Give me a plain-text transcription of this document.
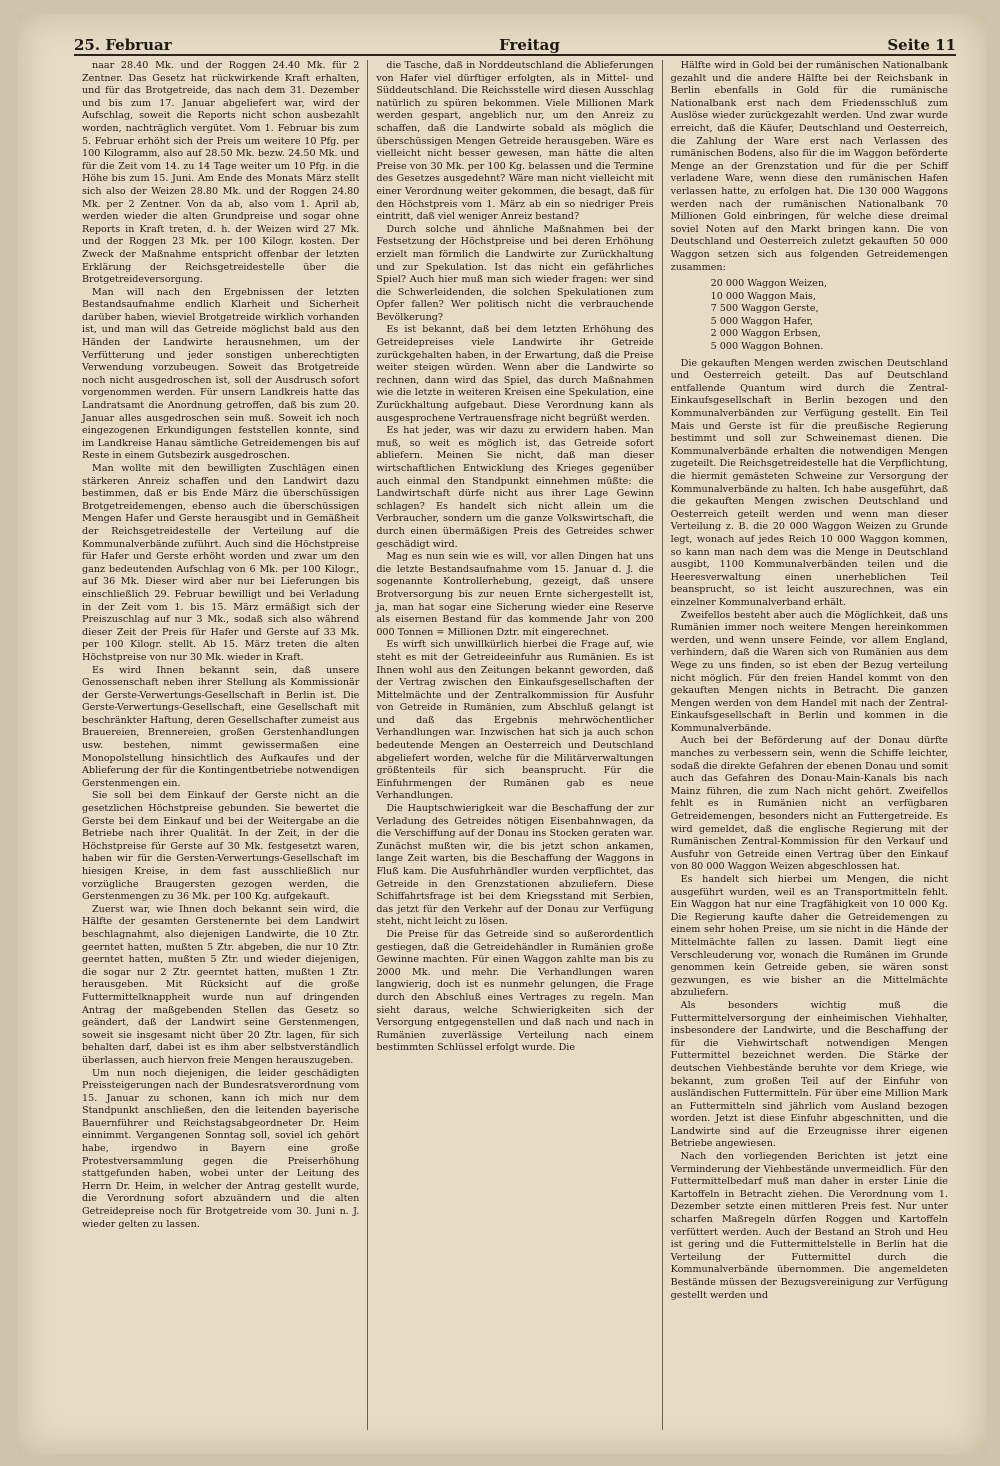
25. Februar	Freitag	Seite 11

naar 28.40 Mk. und der Roggen 24.40 Mk. für 2 Zentner. Das Gesetz hat rückwirkende Kraft erhalten, und für das Brotgetreide, das nach dem 31. Dezember und bis zum 17. Januar abgeliefert war, wird der Aufschlag, soweit die Reports nicht schon ausbezahlt worden, nachträglich vergütet. Vom 1. Februar bis zum 5. Februar erhöht sich der Preis um weitere 10 Pfg. per 100 Kilogramm, also auf 28.50 Mk. bezw. 24.50 Mk. und für die Zeit vom 14. zu 14 Tage weiter um 10 Pfg. in die Höhe bis zum 15. Juni. Am Ende des Monats März stellt sich also der Weizen 28.80 Mk. und der Roggen 24.80 Mk. per 2 Zentner. Von da ab, also vom 1. April ab, werden wieder die alten Grundpreise und sogar ohne Reports in Kraft treten, d. h. der Weizen wird 27 Mk. und der Roggen 23 Mk. per 100 Kilogr. kosten. Der Zweck der Maßnahme entspricht offenbar der letzten Erklärung der Reichsgetreidestelle über die Brotgetreideversorgung.

Man will nach den Ergebnissen der letzten Bestandsaufnahme endlich Klarheit und Sicherheit darüber haben, wieviel Brotgetreide wirklich vorhanden ist, und man will das Getreide möglichst bald aus den Händen der Landwirte herausnehmen, um der Verfütterung und jeder sonstigen unberechtigten Verwendung vorzubeugen. Soweit das Brotgetreide noch nicht ausgedroschen ist, soll der Ausdrusch sofort vorgenommen werden. Für unsern Landkreis hatte das Landratsamt die Anordnung getroffen, daß bis zum 20. Januar alles ausgedroschen sein muß. Soweit ich noch eingezogenen Erkundigungen feststellen konnte, sind im Landkreise Hanau sämtliche Getreidemengen bis auf Reste in einem Gutsbezirk ausgedroschen.

Man wollte mit den bewilligten Zuschlägen einen stärkeren Anreiz schaffen und den Landwirt dazu bestimmen, daß er bis Ende März die überschüssigen Brotgetreidemengen, ebenso auch die überschüssigen Mengen Hafer und Gerste herausgibt und in Gemäßheit der Reichsgetreidestelle der Verteilung auf die Kommunalverbände zuführt. Auch sind die Höchstpreise für Hafer und Gerste erhöht worden und zwar um den ganz bedeutenden Aufschlag von 6 Mk. per 100 Kilogr., auf 36 Mk. Dieser wird aber nur bei Lieferungen bis einschließlich 29. Februar bewilligt und bei Verladung in der Zeit vom 1. bis 15. März ermäßigt sich der Preiszuschlag auf nur 3 Mk., sodaß sich also während dieser Zeit der Preis für Hafer und Gerste auf 33 Mk. per 100 Kilogr. stellt. Ab 15. März treten die alten Höchstpreise von nur 30 Mk. wieder in Kraft.

Es wird Ihnen bekannt sein, daß unsere Genossenschaft neben ihrer Stellung als Kommissionär der Gerste-Verwertungs-Gesellschaft in Berlin ist. Die Gerste-Verwertungs-Gesellschaft, eine Gesellschaft mit beschränkter Haftung, deren Gesellschafter zumeist aus Brauereien, Brennereien, großen Gerstenhandlungen usw. bestehen, nimmt gewissermaßen eine Monopolstellung hinsichtlich des Aufkaufes und der Ablieferung der für die Kontingentbetriebe notwendigen Gerstenmengen ein.

Sie soll bei dem Einkauf der Gerste nicht an die gesetzlichen Höchstpreise gebunden. Sie bewertet die Gerste bei dem Einkauf und bei der Weitergabe an die Betriebe nach ihrer Qualität. In der Zeit, in der die Höchstpreise für Gerste auf 30 Mk. festgesetzt waren, haben wir für die Gersten-Verwertungs-Gesellschaft im hiesigen Kreise, in dem fast ausschließlich nur vorzügliche Braugersten gezogen werden, die Gerstenmengen zu 36 Mk. per 100 Kg. aufgekauft.

Zuerst war, wie Ihnen doch bekannt sein wird, die Hälfte der gesamten Gerstenernte bei dem Landwirt beschlagnahmt, also diejenigen Landwirte, die 10 Ztr. geerntet hatten, mußten 5 Ztr. abgeben, die nur 10 Ztr. geerntet hatten, mußten 5 Ztr. und wieder diejenigen, die sogar nur 2 Ztr. geerntet hatten, mußten 1 Ztr. herausgeben. Mit Rücksicht auf die große Futtermittelknappheit wurde nun auf dringenden Antrag der maßgebenden Stellen das Gesetz so geändert, daß der Landwirt seine Gerstenmengen, soweit sie insgesamt nicht über 20 Ztr. lagen, für sich behalten darf, dabei ist es ihm aber selbstverständlich überlassen, auch hiervon freie Mengen herauszugeben.

Um nun noch diejenigen, die leider geschädigten Preissteigerungen nach der Bundesratsverordnung vom 15. Januar zu schonen, kann ich mich nur dem Standpunkt anschließen, den die leitenden bayerische Bauernführer und Reichstagsabgeordneter Dr. Heim einnimmt. Vergangenen Sonntag soll, soviel ich gehört habe, irgendwo in Bayern eine große Protestversammlung gegen die Preiserhöhung stattgefunden haben, wobei unter der Leitung des Herrn Dr. Heim, in welcher der Antrag gestellt wurde, die Verordnung sofort abzuändern und die alten Getreidepreise noch für Brotgetreide vom 30. Juni n. J. wieder gelten zu lassen.

die Tasche, daß in Norddeutschland die Ablieferungen von Hafer viel dürftiger erfolgten, als in Mittel- und Süddeutschland. Die Reichsstelle wird diesen Ausschlag natürlich zu spüren bekommen. Viele Millionen Mark werden gespart, angeblich nur, um den Anreiz zu schaffen, daß die Landwirte sobald als möglich die überschüssigen Mengen Getreide herausgeben. Wäre es vielleicht nicht besser gewesen, man hätte die alten Preise von 30 Mk. per 100 Kg. belassen und die Termine des Gesetzes ausgedehnt? Wäre man nicht vielleicht mit einer Verordnung weiter gekommen, die besagt, daß für den Höchstpreis vom 1. März ab ein so niedriger Preis eintritt, daß viel weniger Anreiz bestand?

Durch solche und ähnliche Maßnahmen bei der Festsetzung der Höchstpreise und bei deren Erhöhung erzielt man förmlich die Landwirte zur Zurückhaltung und zur Spekulation. Ist das nicht ein gefährliches Spiel? Auch hier muß man sich wieder fragen: wer sind die Schwerleidenden, die solchen Spekulationen zum Opfer fallen? Wer politisch nicht die verbrauchende Bevölkerung?

Es ist bekannt, daß bei dem letzten Erhöhung des Getreidepreises viele Landwirte ihr Getreide zurückgehalten haben, in der Erwartung, daß die Preise weiter steigen würden. Wenn aber die Landwirte so rechnen, dann wird das Spiel, das durch Maßnahmen wie die letzte in weiteren Kreisen eine Spekulation, eine Zurückhaltung aufgebaut. Diese Verordnung kann als ausgesprochene Vertrauensfrage nicht begrüßt werden.

Es hat jeder, was wir dazu zu erwidern haben. Man muß, so weit es möglich ist, das Getreide sofort abliefern. Meinen Sie nicht, daß man dieser wirtschaftlichen Entwicklung des Krieges gegenüber auch einmal den Standpunkt einnehmen müßte: die Landwirtschaft dürfe nicht aus ihrer Lage Gewinn schlagen? Es handelt sich nicht allein um die Verbraucher, sondern um die ganze Volkswirtschaft, die durch einen übermäßigen Preis des Getreides schwer geschädigt wird.

Mag es nun sein wie es will, vor allen Dingen hat uns die letzte Bestandsaufnahme vom 15. Januar d. J. die sogenannte Kontrollerhebung, gezeigt, daß unsere Brotversorgung bis zur neuen Ernte sichergestellt ist, ja, man hat sogar eine Sicherung wieder eine Reserve als eisernen Bestand für das kommende Jahr von 200 000 Tonnen = Millionen Dztr. mit eingerechnet.

Es wirft sich unwillkürlich hierbei die Frage auf, wie steht es mit der Getreideeinfuhr aus Rumänien. Es ist Ihnen wohl aus den Zeitungen bekannt geworden, daß der Vertrag zwischen den Einkaufsgesellschaften der Mittelmächte und der Zentralkommission für Ausfuhr von Getreide in Rumänien, zum Abschluß gelangt ist und daß das Ergebnis mehrwöchentlicher Verhandlungen war. Inzwischen hat sich ja auch schon bedeutende Mengen an Oesterreich und Deutschland abgeliefert worden, welche für die Militärverwaltungen größtenteils für sich beansprucht. Für die Einfuhrmengen der Rumänen gab es neue Verhandlungen.

Die Hauptschwierigkeit war die Beschaffung der zur Verladung des Getreides nötigen Eisenbahnwagen, da die Verschiffung auf der Donau ins Stocken geraten war. Zunächst mußten wir, die bis jetzt schon ankamen, lange Zeit warten, bis die Beschaffung der Waggons in Fluß kam. Die Ausfuhrhändler wurden verpflichtet, das Getreide in den Grenzstationen abzuliefern. Diese Schiffahrtsfrage ist bei dem Kriegsstand mit Serbien, das jetzt für den Verkehr auf der Donau zur Verfügung steht, nicht leicht zu lösen.

Die Preise für das Getreide sind so außerordentlich gestiegen, daß die Getreidehändler in Rumänien große Gewinne machten. Für einen Waggon zahlte man bis zu 2000 Mk. und mehr. Die Verhandlungen waren langwierig, doch ist es nunmehr gelungen, die Frage durch den Abschluß eines Vertrages zu regeln. Man sieht daraus, welche Schwierigkeiten sich der Versorgung entgegenstellen und daß nach und nach in Rumänien zuverlässige Verteilung nach einem bestimmten Schlüssel erfolgt wurde. Die

Hälfte wird in Gold bei der rumänischen Nationalbank gezahlt und die andere Hälfte bei der Reichsbank in Berlin ebenfalls in Gold für die rumänische Nationalbank erst nach dem Friedensschluß zum Auslöse wieder zurückgezahlt werden. Und zwar wurde erreicht, daß die Käufer, Deutschland und Oesterreich, die Zahlung der Ware erst nach Verlassen des rumänischen Bodens, also für die im Waggon beförderte Menge an der Grenzstation und für die per Schiff verladene Ware, wenn diese den rumänischen Hafen verlassen hatte, zu erfolgen hat. Die 130 000 Waggons werden nach der rumänischen Nationalbank 70 Millionen Gold einbringen, für welche diese dreimal soviel Noten auf den Markt bringen kann. Die von Deutschland und Oesterreich zuletzt gekauften 50 000 Waggon setzen sich aus folgenden Getreidemengen zusammen:

20 000 Waggon Weizen,
10 000 Waggon Mais,
7 500 Waggon Gerste,
5 000 Waggon Hafer,
2 000 Waggon Erbsen,
5 000 Waggon Bohnen.

Die gekauften Mengen werden zwischen Deutschland und Oesterreich geteilt. Das auf Deutschland entfallende Quantum wird durch die Zentral-Einkaufsgesellschaft in Berlin bezogen und den Kommunalverbänden zur Verfügung gestellt. Ein Teil Mais und Gerste ist für die preußische Regierung bestimmt und soll zur Schweinemast dienen. Die Kommunalverbände erhalten die notwendigen Mengen zugeteilt. Die Reichsgetreidestelle hat die Verpflichtung, die hiermit gemästeten Schweine zur Versorgung der Kommunalverbände zu halten. Ich habe ausgeführt, daß die gekauften Mengen zwischen Deutschland und Oesterreich geteilt werden und wenn man dieser Verteilung z. B. die 20 000 Waggon Weizen zu Grunde legt, wonach auf jedes Reich 10 000 Waggon kommen, so kann man nach dem was die Menge in Deutschland ausgibt, 1100 Kommunalverbänden teilen und die Heeresverwaltung einen unerheblichen Teil beansprucht, so ist leicht auszurechnen, was ein einzelner Kommunalverband erhält.

Zweifellos besteht aber auch die Möglichkeit, daß uns Rumänien immer noch weitere Mengen hereinkommen werden, und wenn unsere Feinde, vor allem England, verhindern, daß die Waren sich von Rumänien aus dem Wege zu uns finden, so ist eben der Bezug verteilung nicht möglich. Für den freien Handel kommt von den gekauften Mengen nichts in Betracht. Die ganzen Mengen werden von dem Handel mit nach der Zentral-Einkaufsgesellschaft in Berlin und kommen in die Kommunalverbände.

Auch bei der Beförderung auf der Donau dürfte manches zu verbessern sein, wenn die Schiffe leichter, sodaß die direkte Gefahren der ebenen Donau und somit auch das Gefahren des Donau-Main-Kanals bis nach Mainz führen, die zum Nach nicht gehört. Zweifellos fehlt es in Rumänien nicht an verfügbaren Getreidemengen, besonders nicht an Futtergetreide. Es wird gemeldet, daß die englische Regierung mit der Rumänischen Zentral-Kommission für den Verkauf und Ausfuhr von Getreide einen Vertrag über den Einkauf von 80 000 Waggon Weizen abgeschlossen hat.

Es handelt sich hierbei um Mengen, die nicht ausgeführt wurden, weil es an Transportmitteln fehlt. Ein Waggon hat nur eine Tragfähigkeit von 10 000 Kg. Die Regierung kaufte daher die Getreidemengen zu einem sehr hohen Preise, um sie nicht in die Hände der Mittelmächte fallen zu lassen. Damit liegt eine Verschleuderung vor, wonach die Rumänen im Grunde genommen kein Getreide geben, sie wären sonst gezwungen, es wie bisher an die Mittelmächte abzuliefern.

Als besonders wichtig muß die Futtermittelversorgung der einheimischen Viehhalter, insbesondere der Landwirte, und die Beschaffung der für die Viehwirtschaft notwendigen Mengen Futtermittel bezeichnet werden. Die Stärke der deutschen Viehbestände beruhte vor dem Kriege, wie bekannt, zum großen Teil auf der Einfuhr von ausländischen Futtermitteln. Für über eine Million Mark an Futtermitteln sind jährlich vom Ausland bezogen worden. Jetzt ist diese Einfuhr abgeschnitten, und die Landwirte sind auf die Erzeugnisse ihrer eigenen Betriebe angewiesen.

Nach den vorliegenden Berichten ist jetzt eine Verminderung der Viehbestände unvermeidlich. Für den Futtermittelbedarf muß man daher in erster Linie die Kartoffeln in Betracht ziehen. Die Verordnung vom 1. Dezember setzte einen mittleren Preis fest. Nur unter scharfen Maßregeln dürfen Roggen und Kartoffeln verfüttert werden. Auch der Bestand an Stroh und Heu ist gering und die Futtermittelstelle in Berlin hat die Verteilung der Futtermittel durch die Kommunalverbände übernommen. Die angemeldeten Bestände müssen der Bezugsvereinigung zur Verfügung gestellt werden und
